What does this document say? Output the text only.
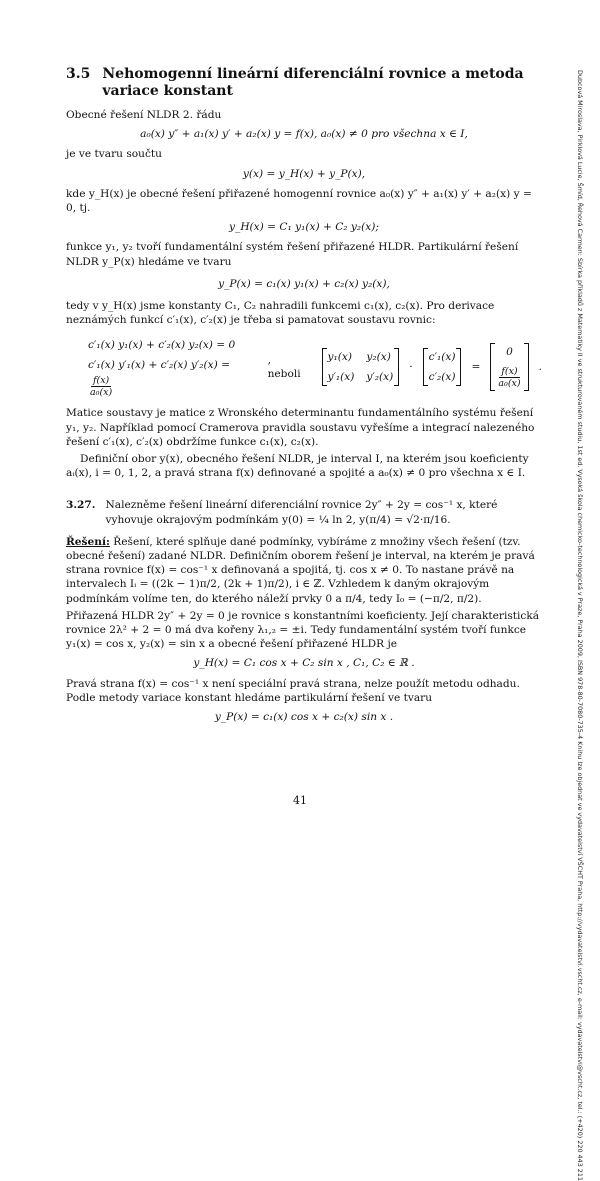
3.5 Nehomogenní lineární diferenciální rovnice a metoda variace konstant

Obecné řešení NLDR 2. řádu

a₀(x) y″ + a₁(x) y′ + a₂(x) y = f(x), a₀(x) ≠ 0 pro všechna x ∈ I,

je ve tvaru součtu

y(x) = y_H(x) + y_P(x),

kde y_H(x) je obecné řešení přiřazené homogenní rovnice a₀(x) y″ + a₁(x) y′ + a₂(x) y = 0, tj.

y_H(x) = C₁ y₁(x) + C₂ y₂(x);

funkce y₁, y₂ tvoří fundamentální systém řešení přiřazené HLDR. Partikulární řešení NLDR y_P(x) hledáme ve tvaru

y_P(x) = c₁(x) y₁(x) + c₂(x) y₂(x),

tedy v y_H(x) jsme konstanty C₁, C₂ nahradili funkcemi c₁(x), c₂(x). Pro derivace neznámých funkcí c′₁(x), c′₂(x) je třeba si pamatovat soustavu rovnic:

c′₁(x) y₁(x) + c′₂(x) y₂(x) = 0
c′₁(x) y′₁(x) + c′₂(x) y′₂(x) =
$\frac{f(x)}{\text{a₀(x)}}$
, neboli
y₁(x) y₂(x)
y′₁(x) y′₂(x)
·
c′₁(x)
c′₂(x)
=
0
$\frac{f(x)}{\text{a₀(x)}}$ .

Matice soustavy je matice z Wronského determinantu fundamentálního systému řešení y₁, y₂. Například pomocí Cramerova pravidla soustavu vyřešíme a integrací nalezeného řešení c′₁(x), c′₂(x) obdržíme funkce c₁(x), c₂(x).

Definiční obor y(x), obecného řešení NLDR, je interval I, na kterém jsou koeficienty aᵢ(x), i = 0, 1, 2, a pravá strana f(x) definované a spojité a a₀(x) ≠ 0 pro všechna x ∈ I.

3.27. Nalezněme řešení lineární diferenciální rovnice 2y″ + 2y = cos⁻¹ x, které vyhovuje okrajovým podmínkám y(0) = ¼ ln 2, y(π/4) = √2·π/16.

Řešení: Řešení, které splňuje dané podmínky, vybíráme z množiny všech řešení (tzv. obecné řešení) zadané NLDR. Definičním oborem řešení je interval, na kterém je pravá strana rovnice f(x) = cos⁻¹ x definovaná a spojitá, tj. cos x ≠ 0. To nastane právě na intervalech Iᵢ = ((2k − 1)π/2, (2k + 1)π/2), i ∈ ℤ. Vzhledem k daným okrajovým podmínkám volíme ten, do kterého náleží prvky 0 a π/4, tedy I₀ = (−π/2, π/2).

Přiřazená HLDR 2y″ + 2y = 0 je rovnice s konstantními koeficienty. Její charakteristická rovnice 2λ² + 2 = 0 má dva kořeny λ₁,₂ = ±i. Tedy fundamentální systém tvoří funkce y₁(x) = cos x, y₂(x) = sin x a obecné řešení přiřazené HLDR je

y_H(x) = C₁ cos x + C₂ sin x , C₁, C₂ ∈ ℝ .

Pravá strana f(x) = cos⁻¹ x není speciální pravá strana, nelze použít metodu odhadu. Podle metody variace konstant hledáme partikulární řešení ve tvaru

y_P(x) = c₁(x) cos x + c₂(x) sin x .
41	Dubcová Miroslava, Pirklová Lucie, Šmíd, Řehová Carmen: Sbírka příkladů z Matematiky II ve strukturovaném studiu, 1st ed. Vysoká škola chemicko-technologická v Praze, Praha 2009, ISBN 978-80-7080-735-4 Knihu lze objednat ve vydavatelství VŠCHT Praha, http://vydavatelstvi.vscht.cz, e-mail: vydavatelstvi@vscht.cz, tel.: (+420) 220 443 211
